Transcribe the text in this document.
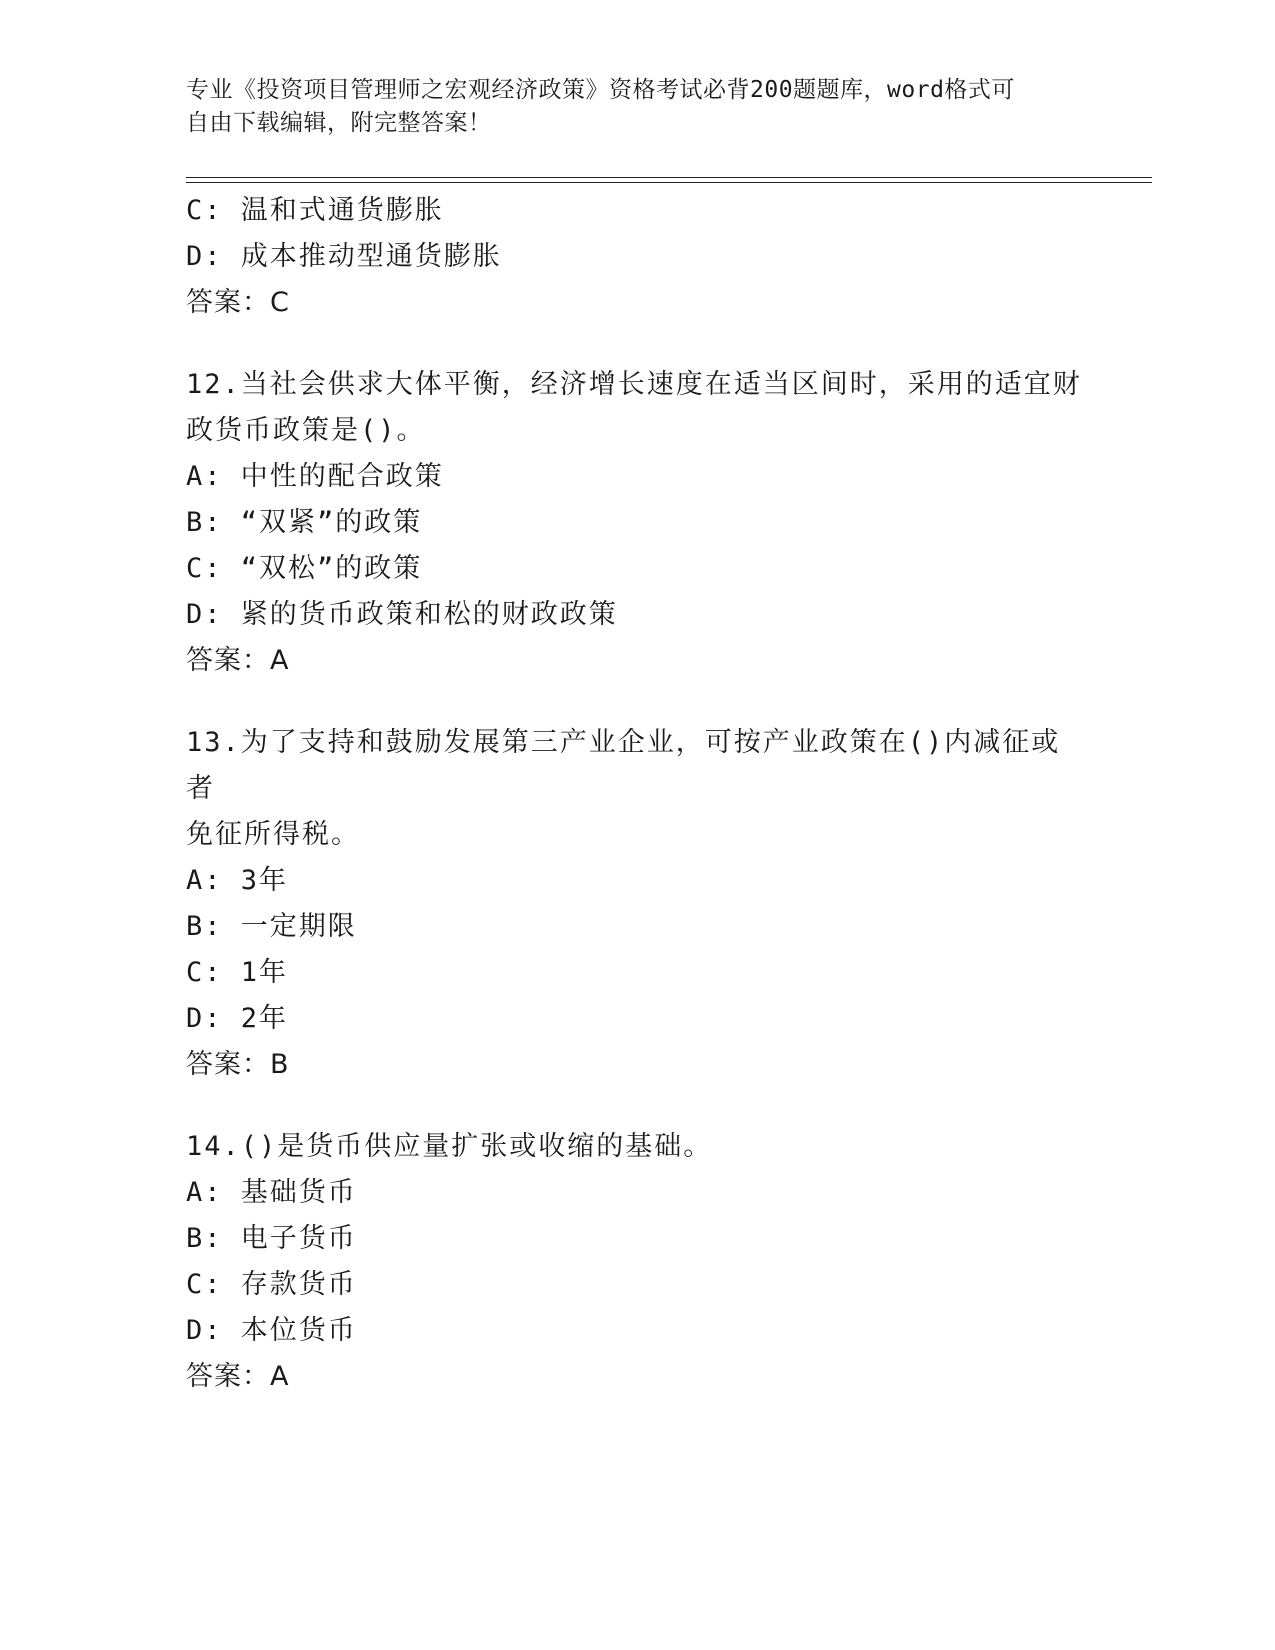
专业《投资项目管理师之宏观经济政策》资格考试必背200题题库，word格式可
自由下载编辑，附完整答案！
C: 温和式通货膨胀
D: 成本推动型通货膨胀
答案：C
12.当社会供求大体平衡，经济增长速度在适当区间时，采用的适宜财
政货币政策是()。
A: 中性的配合政策
B: “双紧”的政策
C: “双松”的政策
D: 紧的货币政策和松的财政政策
答案：A
13.为了支持和鼓励发展第三产业企业，可按产业政策在()内减征或者
免征所得税。
A: 3年
B: 一定期限
C: 1年
D: 2年
答案：B
14.()是货币供应量扩张或收缩的基础。
A: 基础货币
B: 电子货币
C: 存款货币
D: 本位货币
答案：A
